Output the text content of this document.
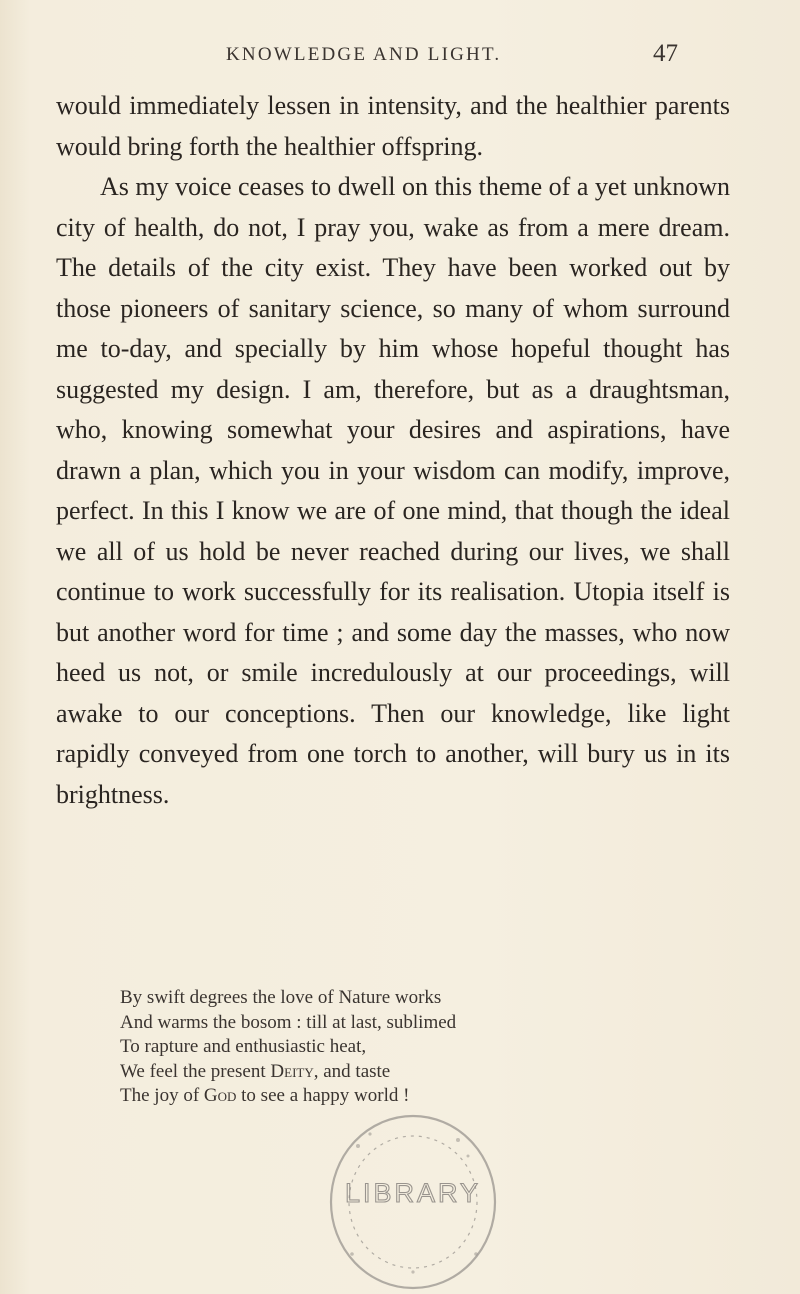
KNOWLEDGE AND LIGHT.	47

would immediately lessen in intensity, and the healthier parents would bring forth the healthier offspring.

As my voice ceases to dwell on this theme of a yet unknown city of health, do not, I pray you, wake as from a mere dream. The details of the city exist. They have been worked out by those pioneers of sanitary science, so many of whom surround me to-day, and specially by him whose hopeful thought has suggested my design. I am, therefore, but as a draughtsman, who, knowing somewhat your desires and aspirations, have drawn a plan, which you in your wisdom can modify, improve, perfect. In this I know we are of one mind, that though the ideal we all of us hold be never reached during our lives, we shall continue to work successfully for its realisation. Utopia itself is but another word for time ; and some day the masses, who now heed us not, or smile incredulously at our proceedings, will awake to our conceptions. Then our knowledge, like light rapidly conveyed from one torch to another, will bury us in its brightness.

By swift degrees the love of Nature works
And warms the bosom : till at last, sublimed
To rapture and enthusiastic heat,
We feel the present Deity, and taste
The joy of God to see a happy world !
LIBRARY
